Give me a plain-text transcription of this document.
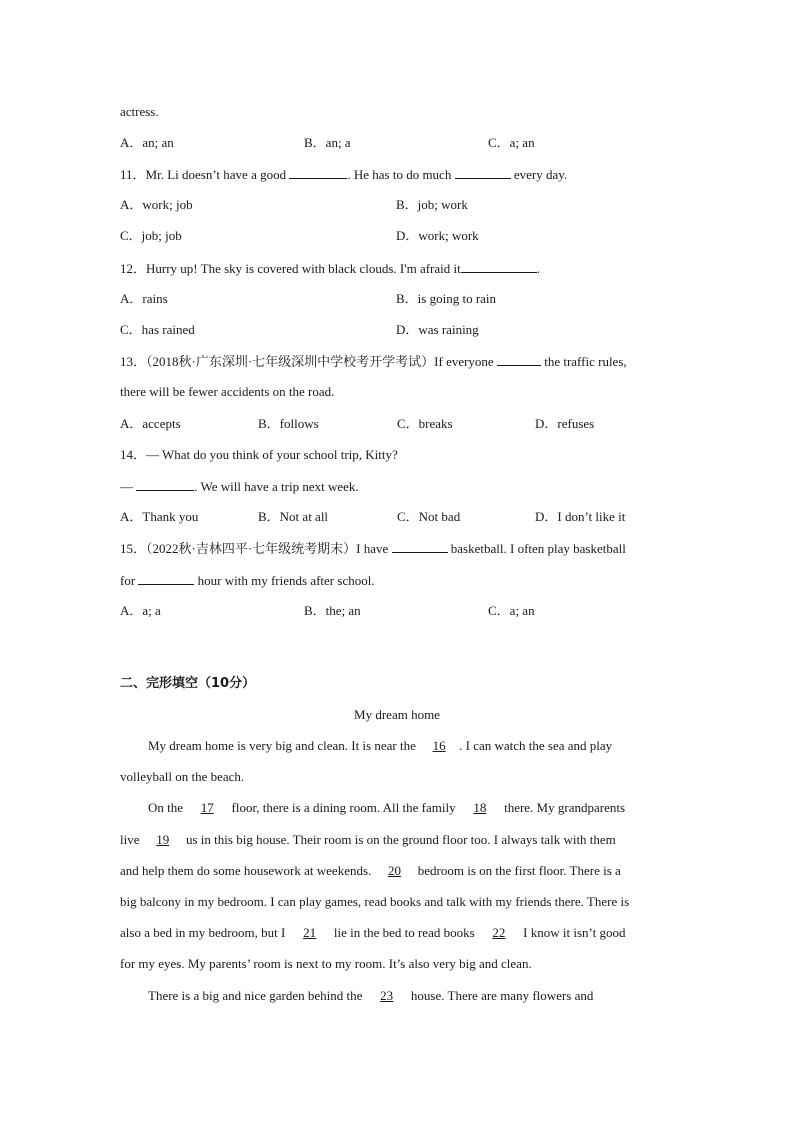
actress.
A．an; an	B．an; a	C．a; an
11．Mr. Li doesn’t have a good	. He has to do much	every day.
A．work; job	B．job; work
C．job; job	D．work; work
12．Hurry up! The sky is covered with black clouds. I'm afraid it	.
A．rains	B．is going to rain
C．has rained	D．was raining
13．（2018秋·广东深圳·七年级深圳中学校考开学考试）If everyone	the traffic rules,
there will be fewer accidents on the road.
A．accepts	B．follows	C．breaks	D．refuses
14．— What do you think of your school trip, Kitty?
—	. We will have a trip next week.
A．Thank you	B．Not at all	C．Not bad	D．I don’t like it
15．（2022秋·吉林四平·七年级统考期末）I have	basketball. I often play basketball
for	hour with my friends after school.
A．a; a	B．the; an	C．a; an
二、完形填空（10分）
My dream home
My dream home is very big and clean. It is near the 16 . I can watch the sea and play
volleyball on the beach.
On the 17 floor, there is a dining room. All the family 18 there. My grandparents
live 19 us in this big house. Their room is on the ground floor too. I always talk with them
and help them do some housework at weekends. 20 bedroom is on the first floor. There is a
big balcony in my bedroom. I can play games, read books and talk with my friends there. There is
also a bed in my bedroom, but I 21 lie in the bed to read books 22 I know it isn’t good
for my eyes. My parents’ room is next to my room. It’s also very big and clean.
There is a big and nice garden behind the 23 house. There are many flowers and
